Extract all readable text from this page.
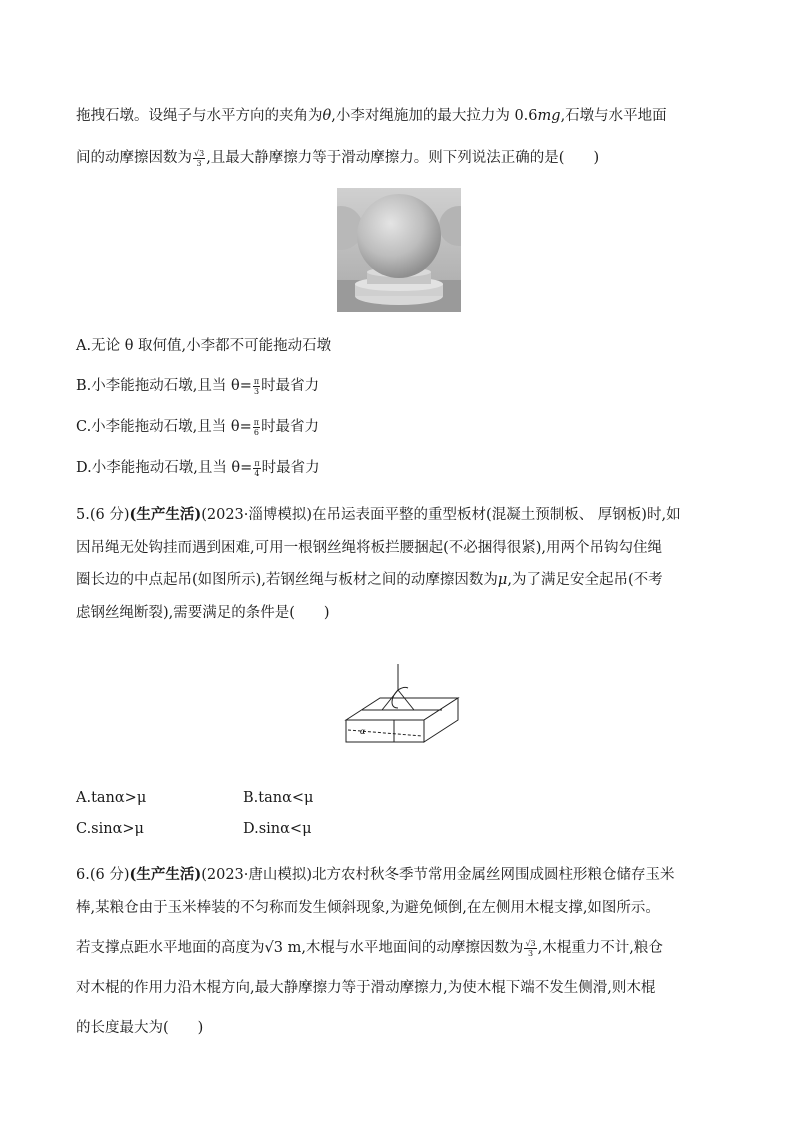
拖拽石墩。设绳子与水平方向的夹角为θ,小李对绳施加的最大拉力为 0.6mg,石墩与水平地面
间的动摩擦因数为 $\frac{√3}{3}$ ,且最大静摩擦力等于滑动摩擦力。则下列说法正确的是(　　)
A.无论 θ 取何值,小李都不可能拖动石墩
B.小李能拖动石墩,且当 $\theta= \frac{\pi}{3}$ 时最省力
C.小李能拖动石墩,且当 $\theta= \frac{\pi}{6}$ 时最省力
D.小李能拖动石墩,且当 $\theta= \frac{\pi}{4}$ 时最省力
5.(6 分)(生产生活)(2023·淄博模拟)在吊运表面平整的重型板材(混凝土预制板、 厚钢板)时,如
因吊绳无处钩挂而遇到困难,可用一根钢丝绳将板拦腰捆起(不必捆得很紧),用两个吊钩勾住绳
圈长边的中点起吊(如图所示),若钢丝绳与板材之间的动摩擦因数为μ,为了满足安全起吊(不考
虑钢丝绳断裂),需要满足的条件是(　　)
α
A.tanα>μ	B.tanα<μ
C.sinα>μ	D.sinα<μ
6.(6 分)(生产生活)(2023·唐山模拟)北方农村秋冬季节常用金属丝网围成圆柱形粮仓储存玉米
棒,某粮仓由于玉米棒装的不匀称而发生倾斜现象,为避免倾倒,在左侧用木棍支撑,如图所示。
若支撑点距水平地面的高度为√3 m,木棍与水平地面间的动摩擦因数为 $\frac{√3}{3}$ ,木棍重力不计,粮仓
对木棍的作用力沿木棍方向,最大静摩擦力等于滑动摩擦力,为使木棍下端不发生侧滑,则木棍
的长度最大为(　　)
